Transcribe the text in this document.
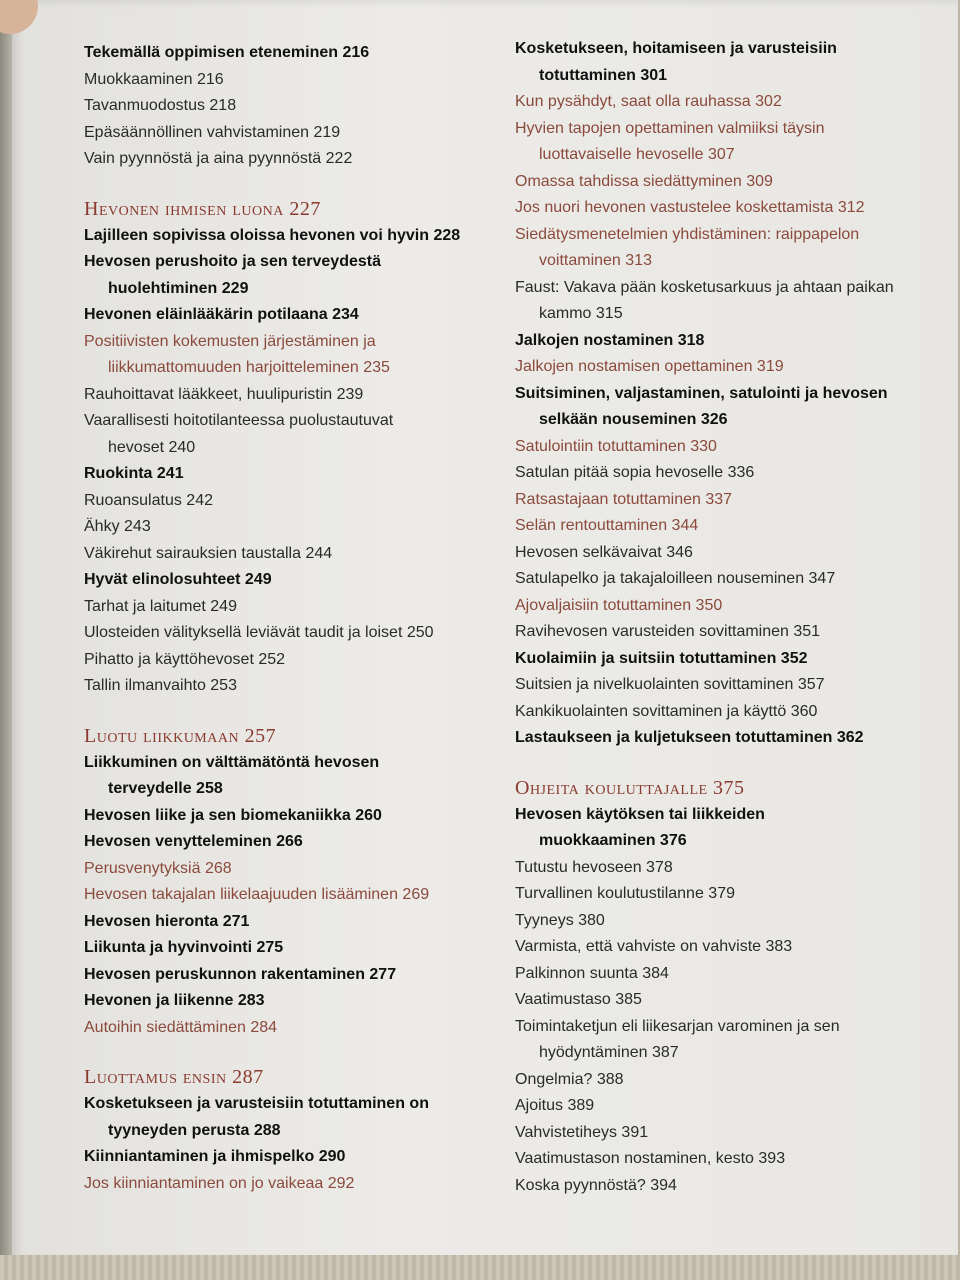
Tekemällä oppimisen eteneminen 216
Muokkaaminen 216
Tavanmuodostus 218
Epäsäännöllinen vahvistaminen 219
Vain pyynnöstä ja aina pyynnöstä 222
Hevonen ihmisen luona 227
Lajilleen sopivissa oloissa hevonen voi hyvin 228
Hevosen perushoito ja sen terveydestä
huolehtiminen 229
Hevonen eläinlääkärin potilaana 234
Positiivisten kokemusten järjestäminen ja
liikkumattomuuden harjoitteleminen 235
Rauhoittavat lääkkeet, huulipuristin 239
Vaarallisesti hoitotilanteessa puolustautuvat
hevoset 240
Ruokinta 241
Ruoansulatus 242
Ähky 243
Väkirehut sairauksien taustalla 244
Hyvät elinolosuhteet 249
Tarhat ja laitumet 249
Ulosteiden välityksellä leviävät taudit ja loiset 250
Pihatto ja käyttöhevoset 252
Tallin ilmanvaihto 253
Luotu liikkumaan 257
Liikkuminen on välttämätöntä hevosen
terveydelle 258
Hevosen liike ja sen biomekaniikka 260
Hevosen venytteleminen 266
Perusvenytyksiä 268
Hevosen takajalan liikelaajuuden lisääminen 269
Hevosen hieronta 271
Liikunta ja hyvinvointi 275
Hevosen peruskunnon rakentaminen 277
Hevonen ja liikenne 283
Autoihin siedättäminen 284
Luottamus ensin 287
Kosketukseen ja varusteisiin totuttaminen on
tyyneyden perusta 288
Kiinniantaminen ja ihmispelko 290
Jos kiinniantaminen on jo vaikeaa 292
Kosketukseen, hoitamiseen ja varusteisiin
totuttaminen 301
Kun pysähdyt, saat olla rauhassa 302
Hyvien tapojen opettaminen valmiiksi täysin
luottavaiselle hevoselle 307
Omassa tahdissa siedättyminen 309
Jos nuori hevonen vastustelee koskettamista 312
Siedätysmenetelmien yhdistäminen: raippapelon
voittaminen 313
Faust: Vakava pään kosketusarkuus ja ahtaan paikan
kammo 315
Jalkojen nostaminen 318
Jalkojen nostamisen opettaminen 319
Suitsiminen, valjastaminen, satulointi ja hevosen
selkään nouseminen 326
Satulointiin totuttaminen 330
Satulan pitää sopia hevoselle 336
Ratsastajaan totuttaminen 337
Selän rentouttaminen 344
Hevosen selkävaivat 346
Satulapelko ja takajaloilleen nouseminen 347
Ajovaljaisiin totuttaminen 350
Ravihevosen varusteiden sovittaminen 351
Kuolaimiin ja suitsiin totuttaminen 352
Suitsien ja nivelkuolainten sovittaminen 357
Kankikuolainten sovittaminen ja käyttö 360
Lastaukseen ja kuljetukseen totuttaminen 362
Ohjeita kouluttajalle 375
Hevosen käytöksen tai liikkeiden
muokkaaminen 376
Tutustu hevoseen 378
Turvallinen koulutustilanne 379
Tyyneys 380
Varmista, että vahviste on vahviste 383
Palkinnon suunta 384
Vaatimustaso 385
Toimintaketjun eli liikesarjan varominen ja sen
hyödyntäminen 387
Ongelmia? 388
Ajoitus 389
Vahvistetiheys 391
Vaatimustason nostaminen, kesto 393
Koska pyynnöstä? 394
